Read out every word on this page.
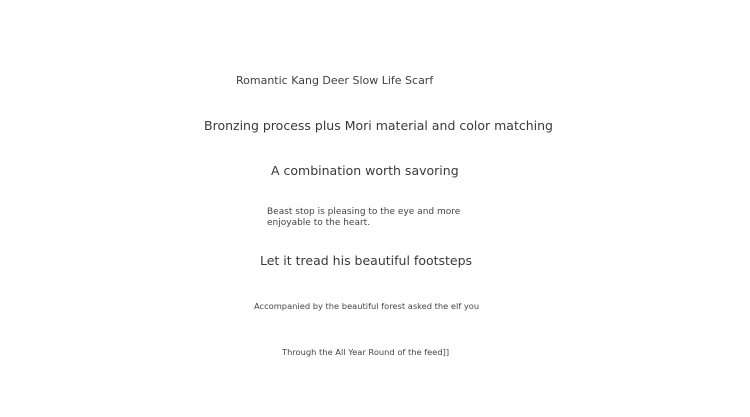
Romantic Kang Deer Slow Life Scarf
Bronzing process plus Mori material and color matching
A combination worth savoring
Beast stop is pleasing to the eye and more
enjoyable to the heart.
Let it tread his beautiful footsteps
Accompanied by the beautiful forest asked the elf you
Through the All Year Round of the feed]]
